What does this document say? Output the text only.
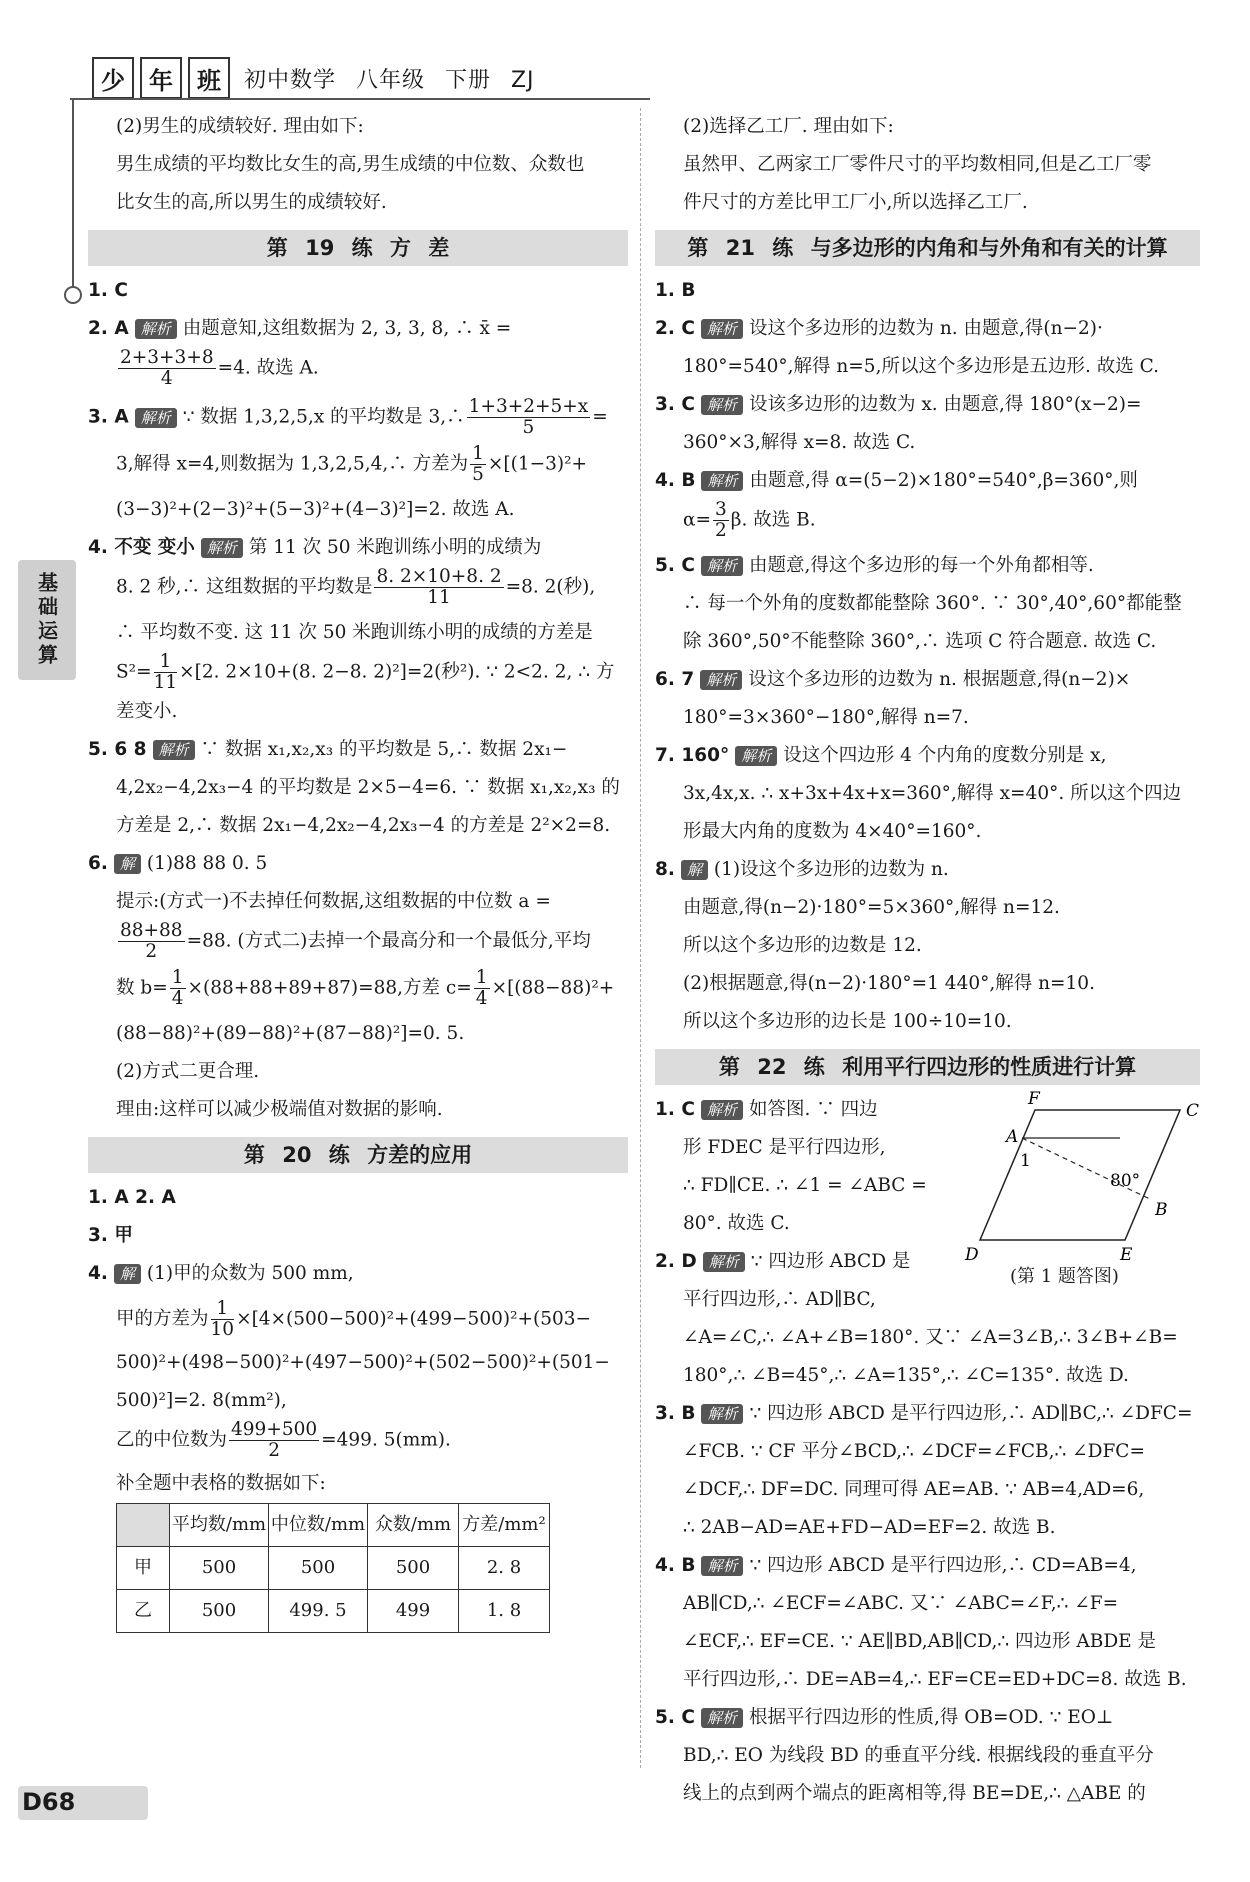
少	年	班	初中数学 八年级 下册 ZJ
基础运算

(2)男生的成绩较好. 理由如下:

男生成绩的平均数比女生的高,男生成绩的中位数、众数也

比女生的高,所以男生的成绩较好.

第 19 练 方 差

1. C

2. A 解析 由题意知,这组数据为 2, 3, 3, 8, ∴ x̄ =

$\frac{2+3+3+8}{4} =4$. 故选 A.

3. A 解析 ∵ 数据 1,3,2,5,x 的平均数是 3,∴ $\frac{1+3+2+5+x}{5}$ =

3,解得 x=4,则数据为 1,3,2,5,4,∴ 方差为 $\frac{1}{5} \times[(1-3)^2+$

(3−3)²+(2−3)²+(5−3)²+(4−3)²]=2. 故选 A.

4. 不变 变小 解析 第 11 次 50 米跑训练小明的成绩为

8. 2 秒,∴ 这组数据的平均数是 $\frac{8. 2\times 10+8. 2}{11} =8$. 2(秒),

∴ 平均数不变. 这 11 次 50 米跑训练小明的成绩的方差是

$S^2= \frac{1}{11} \times[2$. 2×10+(8. 2−8. 2)²]=2(秒²). ∵ 2<2. 2, ∴ 方

差变小.

5. 6 8 解析 ∵ 数据 x₁,x₂,x₃ 的平均数是 5,∴ 数据 2x₁−

4,2x₂−4,2x₃−4 的平均数是 2×5−4=6. ∵ 数据 x₁,x₂,x₃ 的

方差是 2,∴ 数据 2x₁−4,2x₂−4,2x₃−4 的方差是 2²×2=8.

6. 解 (1)88 88 0. 5

提示:(方式一)不去掉任何数据,这组数据的中位数 a =

$\frac{88+88}{2} =88$. (方式二)去掉一个最高分和一个最低分,平均

数 $b= \frac{1}{4} \times(88+88+89+87)=88$,方差 $c= \frac{1}{4} \times[(88-88)^2+$

(88−88)²+(89−88)²+(87−88)²]=0. 5.

(2)方式二更合理.

理由:这样可以减少极端值对数据的影响.

第 20 练 方差的应用

1. A 2. A

3. 甲

4. 解 (1)甲的众数为 500 mm,

甲的方差为 $\frac{1}{10} \times[4\times(500-500)^2+(499-500)^2+(503-$

500)²+(498−500)²+(497−500)²+(502−500)²+(501−

500)²]=2. 8(mm²),

乙的中位数为 $\frac{499+500}{2} =499$. 5(mm).

补全题中表格的数据如下:

	平均数/mm	中位数/mm	众数/mm	方差/mm²
甲	500	500	500	2. 8
乙	500	499. 5	499	1. 8

(2)选择乙工厂. 理由如下:

虽然甲、乙两家工厂零件尺寸的平均数相同,但是乙工厂零

件尺寸的方差比甲工厂小,所以选择乙工厂.

第 21 练 与多边形的内角和与外角和有关的计算

1. B

2. C 解析 设这个多边形的边数为 n. 由题意,得(n−2)·

180°=540°,解得 n=5,所以这个多边形是五边形. 故选 C.

3. C 解析 设该多边形的边数为 x. 由题意,得 180°(x−2)=

360°×3,解得 x=8. 故选 C.

4. B 解析 由题意,得 α=(5−2)×180°=540°,β=360°,则

$\alpha= \frac{3}{2} \beta$. 故选 B.

5. C 解析 由题意,得这个多边形的每一个外角都相等.

∴ 每一个外角的度数都能整除 360°. ∵ 30°,40°,60°都能整

除 360°,50°不能整除 360°,∴ 选项 C 符合题意. 故选 C.

6. 7 解析 设这个多边形的边数为 n. 根据题意,得(n−2)×

180°=3×360°−180°,解得 n=7.

7. 160° 解析 设这个四边形 4 个内角的度数分别是 x,

3x,4x,x. ∴ x+3x+4x+x=360°,解得 x=40°. 所以这个四边

形最大内角的度数为 4×40°=160°.

8. 解 (1)设这个多边形的边数为 n.

由题意,得(n−2)·180°=5×360°,解得 n=12.

所以这个多边形的边数是 12.

(2)根据题意,得(n−2)·180°=1 440°,解得 n=10.

所以这个多边形的边长是 100÷10=10.

第 22 练 利用平行四边形的性质进行计算

1. C 解析 如答图. ∵ 四边

形 FDEC 是平行四边形,

∴ FD∥CE. ∴ ∠1 = ∠ABC =

80°. 故选 C.

2. D 解析 ∵ 四边形 ABCD 是

平行四边形,∴ AD∥BC,

∠A=∠C,∴ ∠A+∠B=180°. 又∵ ∠A=3∠B,∴ 3∠B+∠B=

180°,∴ ∠B=45°,∴ ∠A=135°,∴ ∠C=135°. 故选 D.

3. B 解析 ∵ 四边形 ABCD 是平行四边形,∴ AD∥BC,∴ ∠DFC=

∠FCB. ∵ CF 平分∠BCD,∴ ∠DCF=∠FCB,∴ ∠DFC=

∠DCF,∴ DF=DC. 同理可得 AE=AB. ∵ AB=4,AD=6,

∴ 2AB−AD=AE+FD−AD=EF=2. 故选 B.

4. B 解析 ∵ 四边形 ABCD 是平行四边形,∴ CD=AB=4,

AB∥CD,∴ ∠ECF=∠ABC. 又∵ ∠ABC=∠F,∴ ∠F=

∠ECF,∴ EF=CE. ∵ AE∥BD,AB∥CD,∴ 四边形 ABDE 是

平行四边形,∴ DE=AB=4,∴ EF=CE=ED+DC=8. 故选 B.

5. C 解析 根据平行四边形的性质,得 OB=OD. ∵ EO⊥

BD,∴ EO 为线段 BD 的垂直平分线. 根据线段的垂直平分

线上的点到两个端点的距离相等,得 BE=DE,∴ △ABE 的

F
C
A
1
80°
B
D	E
(第 1 题答图)
D68
